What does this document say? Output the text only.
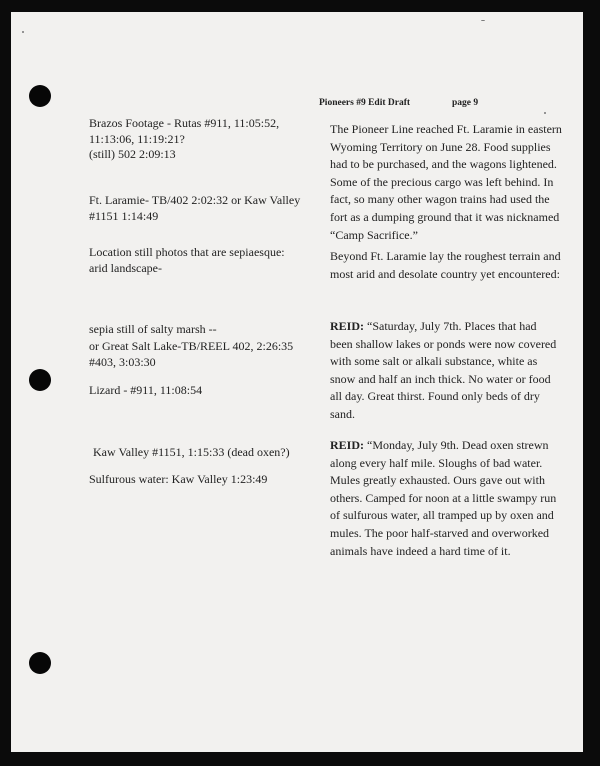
Pioneers #9 Edit Draft	page 9
Brazos Footage - Rutas #911, 11:05:52,
11:13:06, 11:19:21?
(still) 502 2:09:13
Ft. Laramie- TB/402 2:02:32 or Kaw Valley
#1151 1:14:49
Location still photos that are sepiaesque:
arid landscape-
sepia still of salty marsh --
or Great Salt Lake-TB/REEL 402, 2:26:35
#403, 3:03:30
Lizard - #911, 11:08:54
Kaw Valley #1151, 1:15:33 (dead oxen?)
Sulfurous water: Kaw Valley 1:23:49
The Pioneer Line reached Ft. Laramie in eastern Wyoming Territory on June 28. Food supplies had to be purchased, and the wagons lightened. Some of the precious cargo was left behind. In fact, so many other wagon trains had used the fort as a dumping ground that it was nicknamed “Camp Sacrifice.”
Beyond Ft. Laramie lay the roughest terrain and most arid and desolate country yet encountered:
REID: “Saturday, July 7th. Places that had been shallow lakes or ponds were now covered with some salt or alkali substance, white as snow and half an inch thick. No water or food all day. Great thirst. Found only beds of dry sand.
REID: “Monday, July 9th. Dead oxen strewn along every half mile. Sloughs of bad water. Mules greatly exhausted. Ours gave out with others. Camped for noon at a little swampy run of sulfurous water, all tramped up by oxen and mules. The poor half-starved and overworked animals have indeed a hard time of it.
